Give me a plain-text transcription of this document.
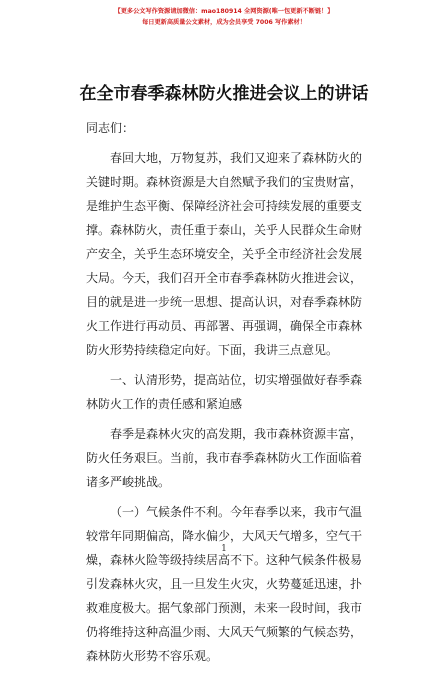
【更多公文写作资源请加微信：mao180914 全网资源(唯一包更新不断链！】
每日更新高质量公文素材，成为会员享受 7006 写作素材！
在全市春季森林防火推进会议上的讲话

同志们：

春回大地，万物复苏，我们又迎来了森林防火的关键时期。森林资源是大自然赋予我们的宝贵财富，是维护生态平衡、保障经济社会可持续发展的重要支撑。森林防火，责任重于泰山，关乎人民群众生命财产安全，关乎生态环境安全，关乎全市经济社会发展大局。今天，我们召开全市春季森林防火推进会议，目的就是进一步统一思想、提高认识，对春季森林防火工作进行再动员、再部署、再强调，确保全市森林防火形势持续稳定向好。下面，我讲三点意见。

一、认清形势，提高站位，切实增强做好春季森林防火工作的责任感和紧迫感

春季是森林火灾的高发期，我市森林资源丰富，防火任务艰巨。当前，我市春季森林防火工作面临着诸多严峻挑战。

（一）气候条件不利。今年春季以来，我市气温较常年同期偏高，降水偏少，大风天气增多，空气干燥，森林火险等级持续居高不下。这种气候条件极易引发森林火灾，且一旦发生火灾，火势蔓延迅速，扑救难度极大。据气象部门预测，未来一段时间，我市仍将维持这种高温少雨、大风天气频繁的气候态势，森林防火形势不容乐观。

1
